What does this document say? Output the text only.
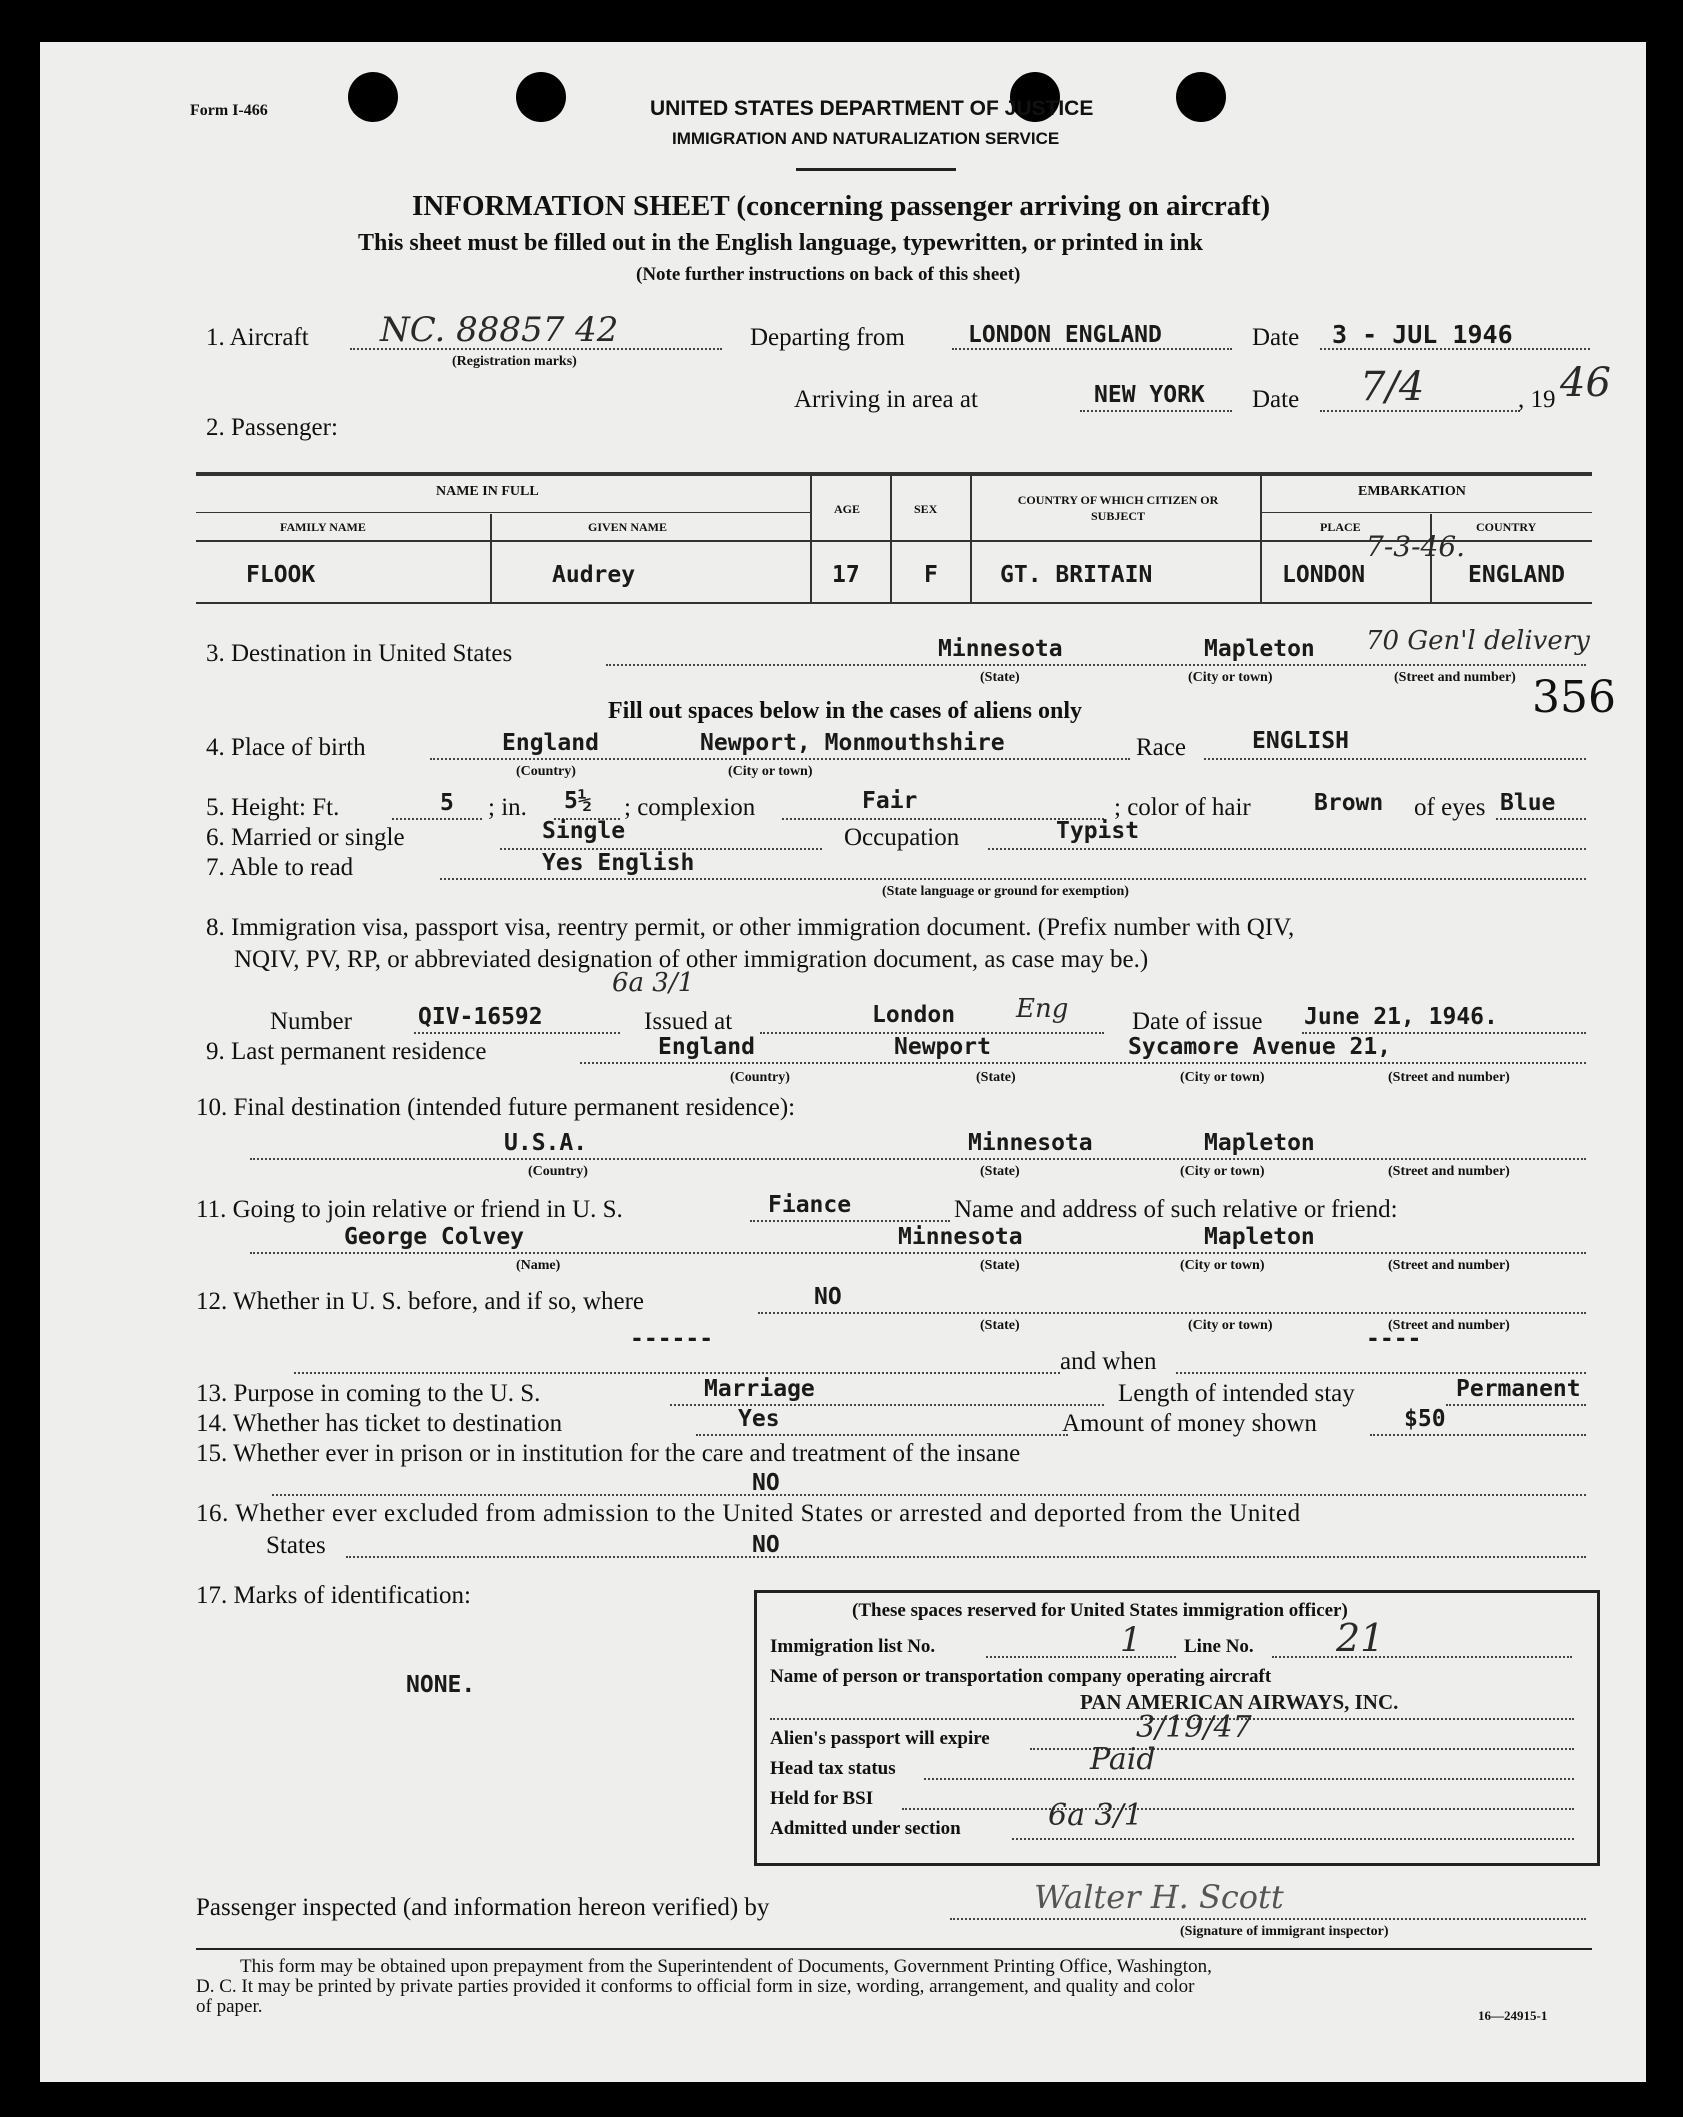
Form I-466	UNITED STATES DEPARTMENT OF JUSTICE
IMMIGRATION AND NATURALIZATION SERVICE
INFORMATION SHEET (concerning passenger arriving on aircraft)
This sheet must be filled out in the English language, typewritten, or printed in ink
(Note further instructions on back of this sheet)
1. Aircraft NC. 88857 42
(Registration marks)
Departing from	LONDON ENGLAND	Date 3 - JUL 1946
Arriving in area at	NEW YORK Date 7/4	, 19 46
2. Passenger:
NAME IN FULL
FAMILY NAME	GIVEN NAME
AGE	SEX
COUNTRY OF WHICH CITIZEN OR SUBJECT
EMBARKATION
PLACE	COUNTRY
FLOOK	Audrey	17	F	GT. BRITAIN	LONDON	ENGLAND
7-3-46.
3. Destination in United States	Minnesota	Mapleton 70 Gen'l delivery
(State)	(City or town)	(Street and number) 356
Fill out spaces below in the cases of aliens only
4. Place of birth	England	Newport, Monmouthshire
(Country)	(City or town)
Race	ENGLISH
5. Height: Ft.	5 ; in. 5½ ; complexion	Fair	; color of hair	Brown of eyes Blue
6. Married or single	Single	Occupation	Typist
7. Able to read	Yes English
(State language or ground for exemption)
8. Immigration visa, passport visa, reentry permit, or other immigration document. (Prefix number with QIV,
NQIV, PV, RP, or abbreviated designation of other immigration document, as case may be.)
6a 3/1
Number	QIV-16592	Issued at	London Eng	Date of issue June 21, 1946.
9. Last permanent residence	England	Newport	Sycamore Avenue 21,
(Country)	(State)	(City or town)	(Street and number)
10. Final destination (intended future permanent residence):
U.S.A.	Minnesota	Mapleton
(Country)	(State)	(City or town)	(Street and number)
11. Going to join relative or friend in U. S.	Fiance	Name and address of such relative or friend:
George Colvey	Minnesota	Mapleton
(Name)	(State)	(City or town)	(Street and number)
12. Whether in U. S. before, and if so, where	NO
(State)	(City or town)	(Street and number)
------	----
and when
13. Purpose in coming to the U. S.	Marriage	Length of intended stay	Permanent
14. Whether has ticket to destination	Yes	Amount of money shown	$50
15. Whether ever in prison or in institution for the care and treatment of the insane
NO
16. Whether ever excluded from admission to the United States or arrested and deported from the United
States	NO
17. Marks of identification:
NONE.
(These spaces reserved for United States immigration officer)
Immigration list No.	1 Line No. 21
Name of person or transportation company operating aircraft
PAN AMERICAN AIRWAYS, INC.
Alien's passport will expire	3/19/47
Head tax status	Paid
Held for BSI
Admitted under section	6a 3/1
Passenger inspected (and information hereon verified) by	Walter H. Scott
(Signature of immigrant inspector)
This form may be obtained upon prepayment from the Superintendent of Documents, Government Printing Office, Washington,
D. C. It may be printed by private parties provided it conforms to official form in size, wording, arrangement, and quality and color
of paper.	16—24915-1
